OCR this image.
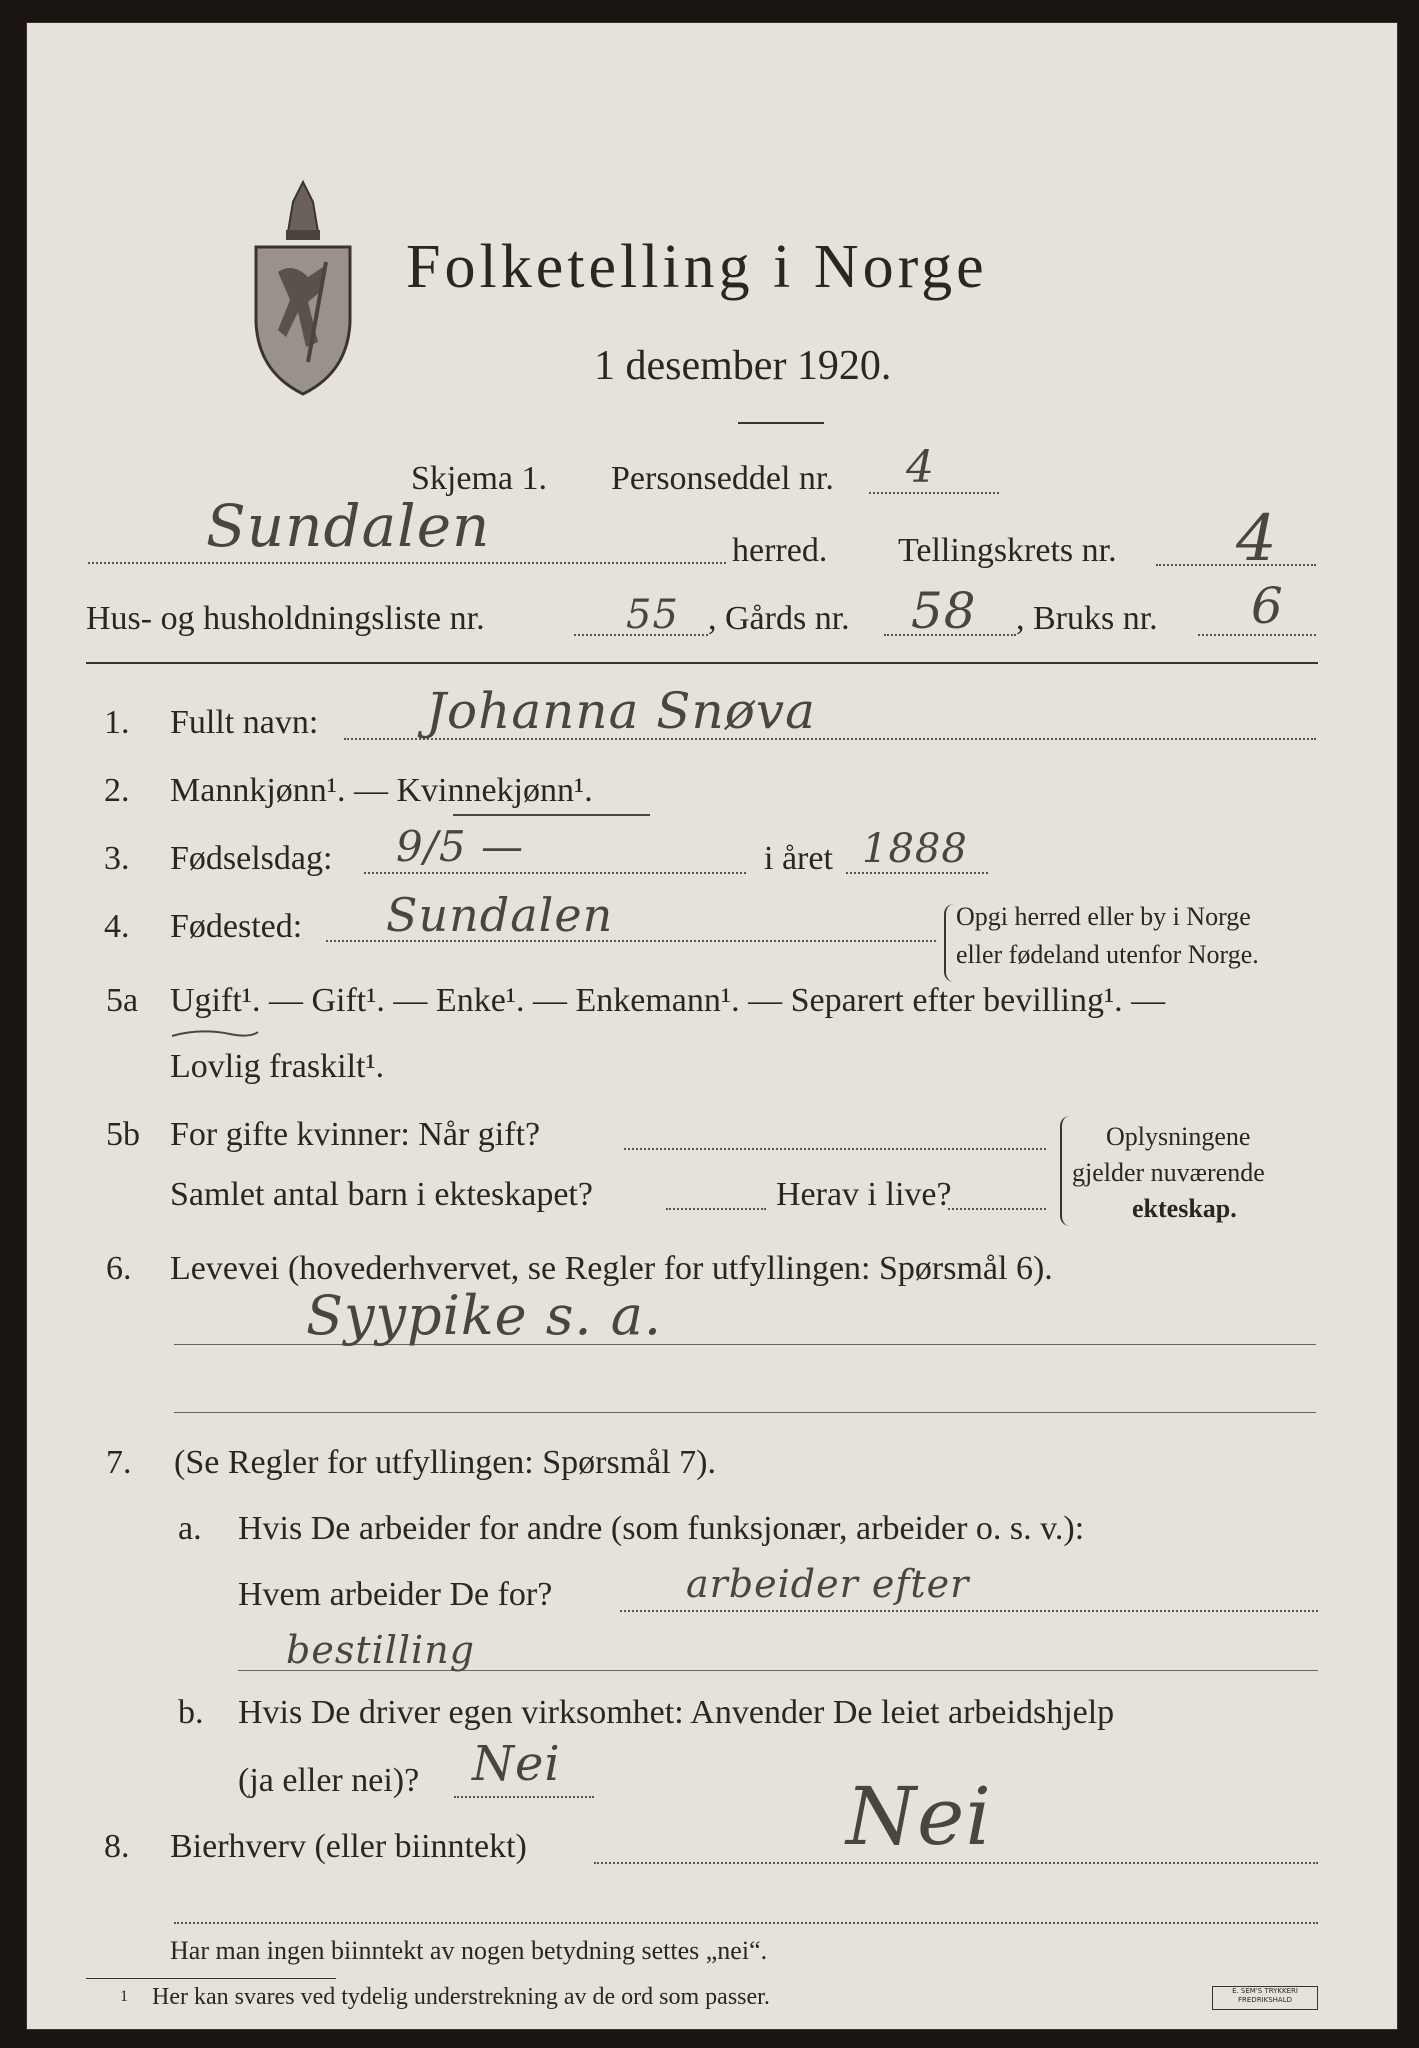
Folketelling i Norge
1 desember 1920.
Skjema 1. Personseddel nr. 4
Sundalen	herred. Tellingskrets nr. 4
Hus- og husholdningsliste nr.	55 , Gårds nr. 58 , Bruks nr. 6
1. Fullt navn: Johanna Snøva
2. Mannkjønn¹. — Kvinnekjønn¹.
3. Fødselsdag: 9/5 —	i året 1888
4. Fødested: Sundalen	Opgi herred eller by i Norge
eller fødeland utenfor Norge.
5a Ugift¹. — Gift¹. — Enke¹. — Enkemann¹. — Separert efter bevilling¹. —
Lovlig fraskilt¹.
5b For gifte kvinner: Når gift?
Samlet antal barn i ekteskapet?	Herav i live?
Oplysningene
gjelder nuværende
ekteskap.
6. Levevei (hovederhvervet, se Regler for utfyllingen: Spørsmål 6).
Syypike s. a.
7. (Se Regler for utfyllingen: Spørsmål 7).
a. Hvis De arbeider for andre (som funksjonær, arbeider o. s. v.):
Hvem arbeider De for?	arbeider efter
bestilling
b. Hvis De driver egen virksomhet: Anvender De leiet arbeidshjelp
(ja eller nei)? Nei
8. Bierhverv (eller biinntekt)	Nei
Har man ingen biinntekt av nogen betydning settes „nei“.
1 Her kan svares ved tydelig understrekning av de ord som passer.	E. SEM'S TRYKKERI
FREDRIKSHALD
